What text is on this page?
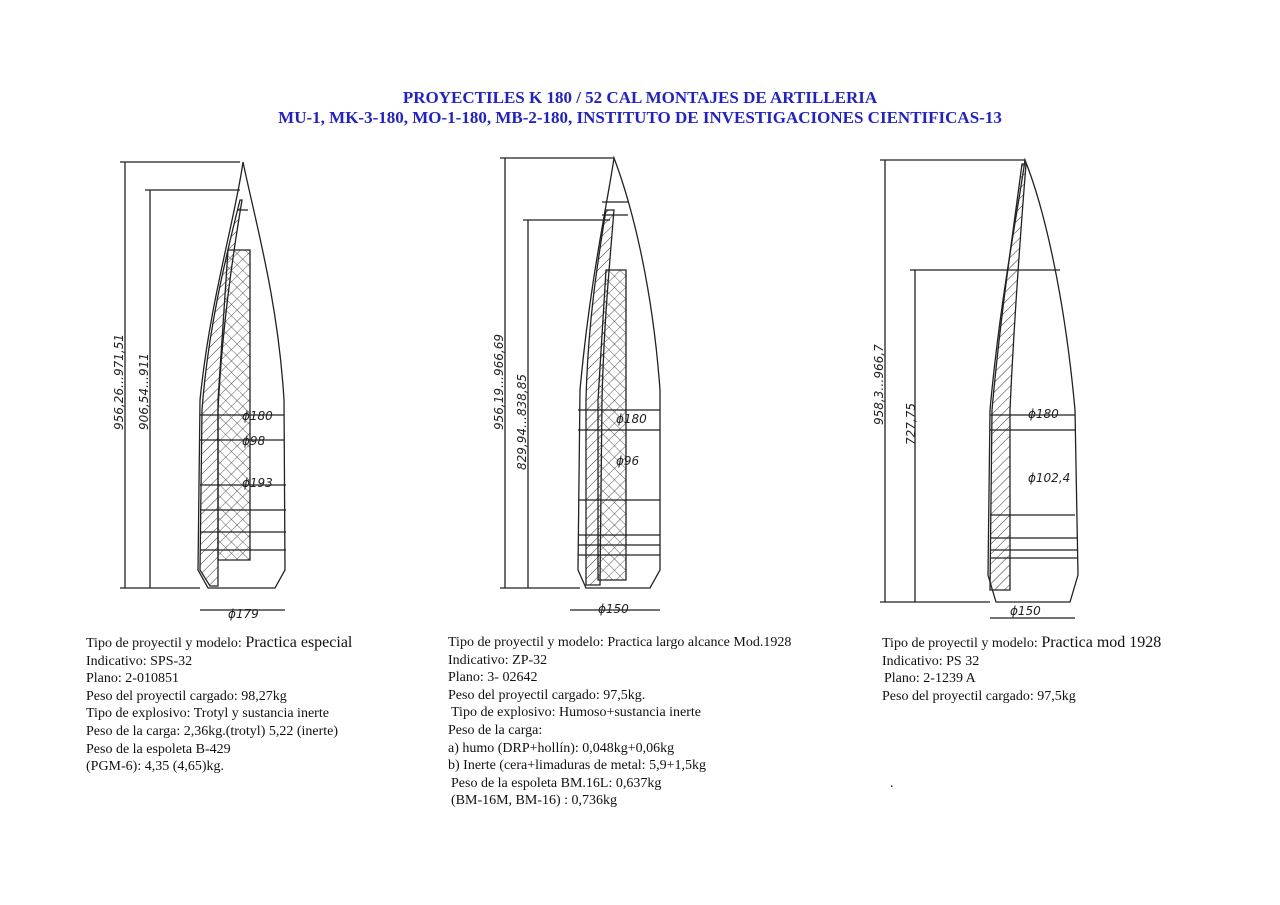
PROYECTILES K 180 / 52 CAL MONTAJES DE ARTILLERIA
MU-1, MK-3-180, MO-1-180, MB-2-180, INSTITUTO DE INVESTIGACIONES CIENTIFICAS-13
956,26…971,51 906,54…911	ϕ180
ϕ98
ϕ193
ϕ179
956,19…966,69 829,94…838,85	ϕ180
ϕ96
ϕ150
958,3…966,7 727,75	ϕ180
ϕ102,4
ϕ150
Tipo de proyectil y modelo: Practica especial
Indicativo: SPS-32
Plano: 2-010851
Peso del proyectil cargado: 98,27kg
Tipo de explosivo: Trotyl y sustancia inerte
Peso de la carga: 2,36kg.(trotyl) 5,22 (inerte)
Peso de la espoleta B-429
(PGM-6): 4,35 (4,65)kg.
Tipo de proyectil y modelo: Practica largo alcance Mod.1928
Indicativo: ZP-32
Plano: 3- 02642
Peso del proyectil cargado: 97,5kg.
Tipo de explosivo: Humoso+sustancia inerte
Peso de la carga:
a) humo (DRP+hollín): 0,048kg+0,06kg
b) Inerte (cera+limaduras de metal: 5,9+1,5kg
Peso de la espoleta BM.16L: 0,637kg
(BM-16M, BM-16) : 0,736kg
Tipo de proyectil y modelo: Practica mod 1928
Indicativo: PS 32
Plano: 2-1239 A
Peso del proyectil cargado: 97,5kg
.
